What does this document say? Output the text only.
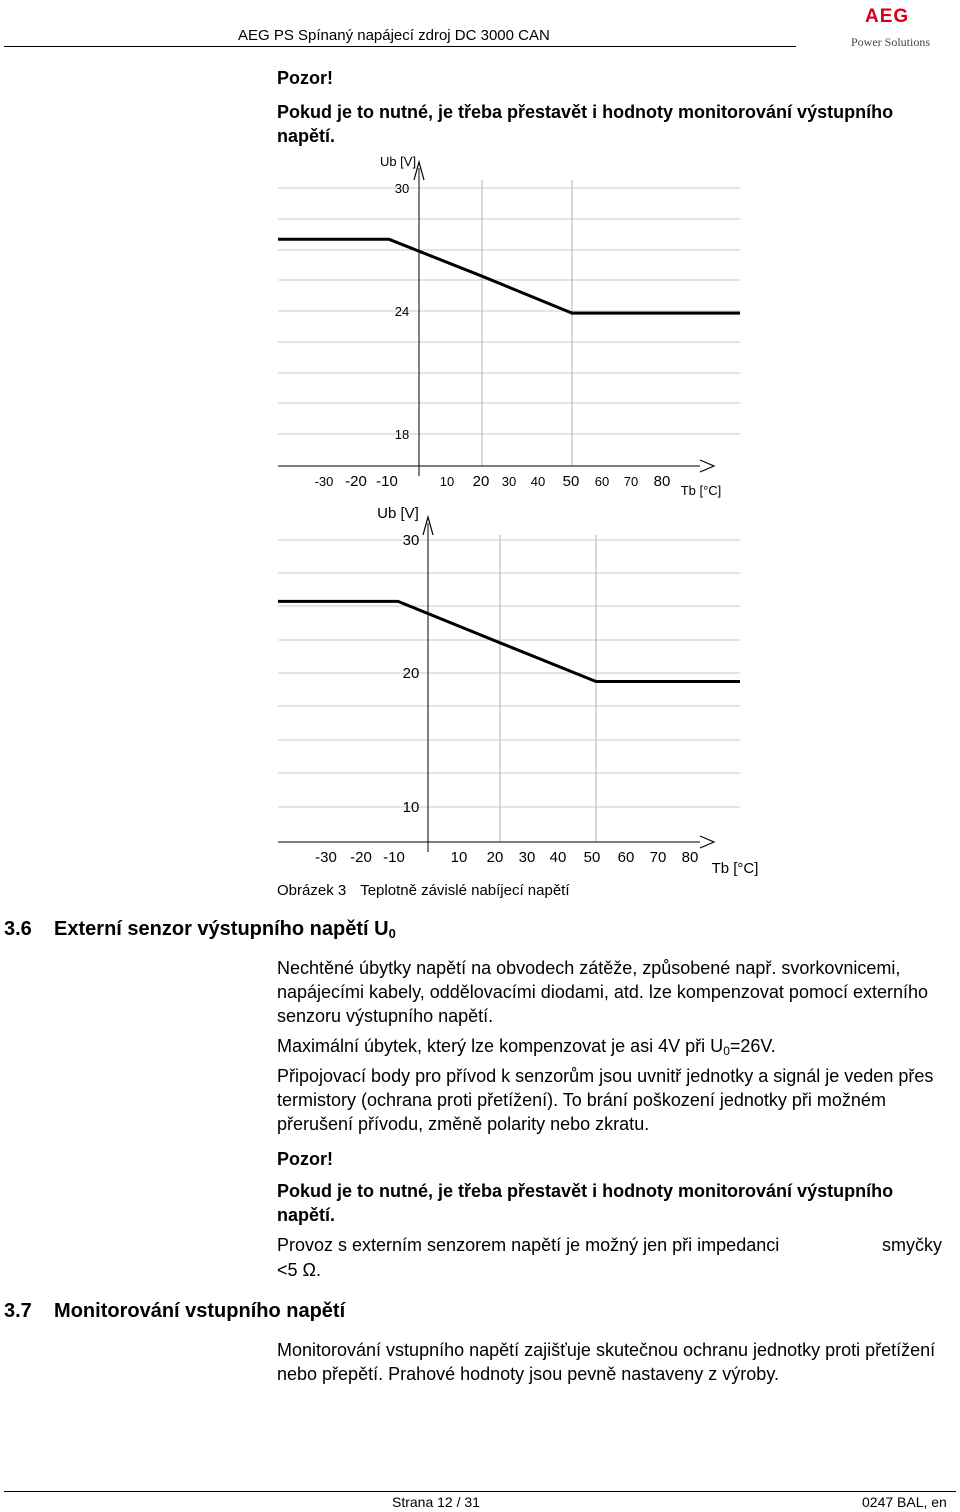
AEG PS Spínaný napájecí zdroj DC 3000 CAN
AEG
Power Solutions
Pozor!
Pokud je to nutné, je třeba přestavět i hodnoty monitorování výstupního napětí.
30
24
18
-30 -20 -10	10 20 30 40 50 60 70 80
Ub [V]
Tb [°C]
30
20
10
-30 -20 -10	10 20 30 40 50 60 70 80
Ub [V]
Tb [°C]
Obrázek 3 Teplotně závislé nabíjecí napětí
3.6 Externí senzor výstupního napětí U0
Nechtěné úbytky napětí na obvodech zátěže, způsobené např. svorkovnicemi, napájecími kabely, oddělovacími diodami, atd. lze kompenzovat pomocí externího senzoru výstupního napětí.
Maximální úbytek, který lze kompenzovat je asi 4V při $U_0=26V$.
Připojovací body pro přívod k senzorům jsou uvnitř jednotky a signál je veden přes termistory (ochrana proti přetížení). To brání poškození jednotky při možném přerušení přívodu, změně polarity nebo zkratu.
Pozor!
Pokud je to nutné, je třeba přestavět i hodnoty monitorování výstupního napětí.
Provoz s externím senzorem napětí je možný jen při impedanci	smyčky
<5 Ω.
3.7 Monitorování vstupního napětí
Monitorování vstupního napětí zajišťuje skutečnou ochranu jednotky proti přetížení nebo přepětí. Prahové hodnoty jsou pevně nastaveny z výroby.
Strana 12 / 31	0247 BAL, en
